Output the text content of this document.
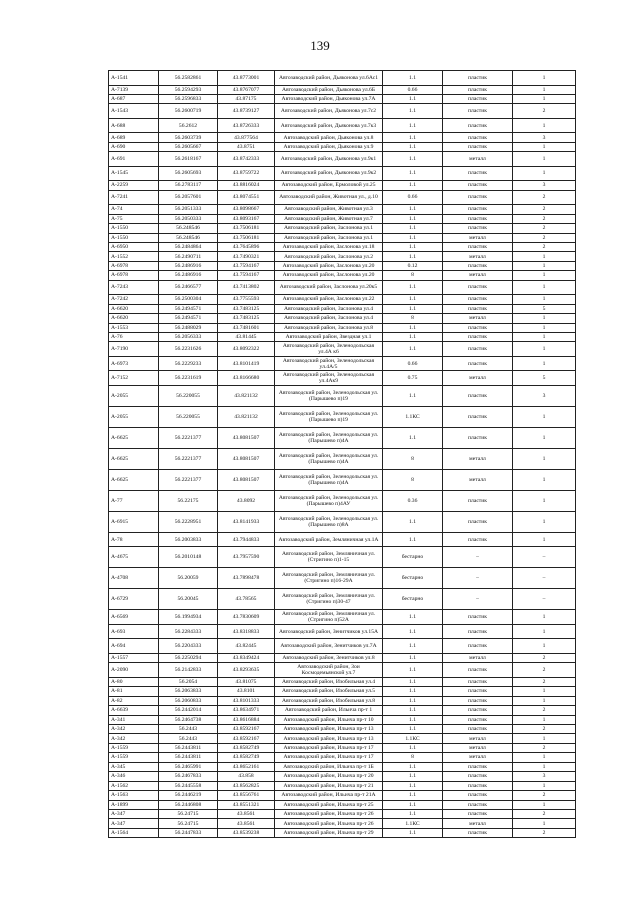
139
А-1541	56.2582861	43.8773001	Автозаводский район, Дьяконова ул.6Ас1	1.1	пластик	1
А-7139	56.2594293	43.8767077	Автозаводский район, Дьяконова ул.6Б	0.66	пластик	1
А-687	56.2596833	43.87175	Автозаводский район, Дьяконова ул.7А	1.1	пластик	1
А-1543	56.2600719	43.8739127	Автозаводский район, Дьяконова ул.7с2	1.1	пластик	2
А-688	56.2612	43.8726333	Автозаводский район, Дьяконова ул.7к3	1.1	пластик	1
А-689	56.2603739	43.877564	Автозаводский район, Дьяконова ул.8	1.1	пластик	3
А-690	56.2605667	43.8751	Автозаводский район, Дьяконова ул.9	1.1	пластик	1
А-691	56.2618167	43.8742333	Автозаводский район, Дьяконова ул.9к1	1.1	металл	1
А-1545	56.2605693	43.8759722	Автозаводский район, Дьяконова ул.9к2	1.1	пластик	1
А-2259	56.2783117	43.8816024	Автозаводский район, Ермоловой ул.25	1.1	пластик	3
А-7241	56.2057601	43.8074551	Автозаводский район, Животная ул., д.10	0.66	пластик	2
А-74	56.2051333	43.8098667	Автозаводский район, Животная ул.3	1.1	пластик	2
А-75	56.2050333	43.8093167	Автозаводский район, Животная ул.7	1.1	пластик	2
А-1550	56.248546	43.7506181	Автозаводский район, Заслонова ул.1	1.1	пластик	2
А-1550	56.248546	43.7506181	Автозаводский район, Заслонова ул.1	1.1	металл	2
А-6950	56.2484864	43.7645896	Автозаводский район, Заслонова ул.18	1.1	пластик	2
А-1552	56.2490711	43.7490321	Автозаводский район, Заслонова ул.2	1.1	металл	1
А-6978	56.2486916	43.7594167	Автозаводский район, Заслонова ул.20	0.12	пластик	1
А-6978	56.2486916	43.7594167	Автозаводский район, Заслонова ул.20	8	металл	1
А-7243	56.2466577	43.7413802	Автозаводский район, Заслонова ул.20к5	1.1	пластик	1
А-7242	56.2500304	43.7755593	Автозаводский район, Заслонова ул.22	1.1	пластик	1
А-6620	56.2494571	43.7483125	Автозаводский район, Заслонова ул.4	1.1	пластик	5
А-6620	56.2494571	43.7483125	Автозаводский район, Заслонова ул.4	8	металл	1
А-1553	56.2488029	43.7481601	Автозаводский район, Заслонова ул.8	1.1	пластик	1
А-76	56.2056333	43.81445	Автозаводский район, Звездная ул.1	1.1	пластик	1
А-7190	56.2231626	43.8092322	Автозаводский район, Зеленодольская ул.4А к6	1.1	пластик	1
А-6973	56.2229233	43.8101419	Автозаводский район, Зеленодольская ул.4А/5	0.66	пластик	1
А-7152	56.2231619	43.8166680	Автозаводский район, Зеленодольская ул.4Ак9	0.75	металл	5
А-2055	56.220055	43.821132	Автозаводский район, Зеленодольская ул. (Парышево п)19	1.1	пластик	3
А-2055	56.220055	43.821132	Автозаводский район, Зеленодольская ул. (Парышево п)19	1.1КС	пластик	1
А-6625	56.2221377	43.8081507	Автозаводский район, Зеленодольская ул. (Парышево п)4А	1.1	пластик	1
А-6625	56.2221377	43.8081507	Автозаводский район, Зеленодольская ул. (Парышево п)4А	8	металл	1
А-6625	56.2221377	43.8081507	Автозаводский район, Зеленодольская ул. (Парышево п)4А	8	металл	1
А-77	56.22175	43.8092	Автозаводский район, Зеленодольская ул. (Парышево п)4АУ	0.36	пластик	1
А-6915	56.2228951	43.8141933	Автозаводский район, Зеленодольская ул. (Парышево п)8А	1.1	пластик	1
А-78	56.2003833	43.7944833	Автозаводский район, Земляничная ул.1А	1.1	пластик	1
А-4675	56.2010148	43.7957590	Автозаводский район, Земляничная ул. (Стригино п)1-15	бестарно	–	–
А-4708	56.20059	43.7898478	Автозаводский район, Земляничная ул. (Стригино п)16-29А	бестарно	–	–
А-6729	56.20045	43.78565	Автозаводский район, Земляничная ул. (Стригино п)30-47	бестарно	–	–
А-6569	56.1994934	43.7830609	Автозаводский район, Земляничная ул. (Стригино п)52А	1.1	пластик	1
А-693	56.2284333	43.8318833	Автозаводский район, Зенитчиков ул.15А	1.1	пластик	1
А-694	56.2204333	43.82445	Автозаводский район, Зенитчиков ул.7А	1.1	пластик	1
А-1557	56.2250294	43.8349424	Автозаводский район, Зенитчиков ул.8	1.1	металл	2
А-2090	56.2142833	43.8293635	Автозаводский район, Зои Космодемьянской ул.7	1.1	пластик	2
А-80	56.2054	43.81075	Автозаводский район, Изобильная ул.4	1.1	пластик	2
А-81	56.2063833	43.8101	Автозаводский район, Изобильная ул.5	1.1	пластик	1
А-82	56.2060833	43.8101333	Автозаводский район, Изобильная ул.8	1.1	пластик	1
А-6639	56.2442014	43.8634971	Автозаводский район, Ильича пр-т 1	1.1	пластик	2
А-341	56.2464738	43.8616884	Автозаводский район, Ильича пр-т 10	1.1	пластик	1
А-342	56.2443	43.8592167	Автозаводский район, Ильича пр-т 13	1.1	пластик	2
А-342	56.2443	43.8592167	Автозаводский район, Ильича пр-т 13	1.1КС	металл	1
А-1559	56.2443811	43.8582749	Автозаводский район, Ильича пр-т 17	1.1	металл	2
А-1559	56.2443811	43.8582749	Автозаводский район, Ильича пр-т 17	8	металл	1
А-345	56.2465991	43.8652161	Автозаводский район, Ильича пр-т 1Б	1.1	пластик	1
А-346	56.2467833	43.858	Автозаводский район, Ильича пр-т 20	1.1	пластик	3
А-1562	56.2445558	43.8562825	Автозаводский район, Ильича пр-т 21	1.1	пластик	1
А-1563	56.2446219	43.8556761	Автозаводский район, Ильича пр-т 21А	1.1	пластик	2
А-1899	56.2446808	43.8551321	Автозаводский район, Ильича пр-т 25	1.1	пластик	1
А-347	56.24715	43.8561	Автозаводский район, Ильича пр-т 26	1.1	пластик	2
А-347	56.24715	43.8561	Автозаводский район, Ильича пр-т 26	1.1КС	металл	1
А-1564	56.2447833	43.8539238	Автозаводский район, Ильича пр-т 29	1.1	пластик	2
